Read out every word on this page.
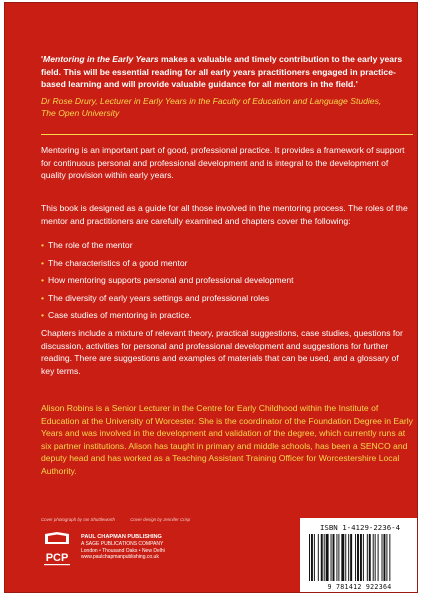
'Mentoring in the Early Years makes a valuable and timely contribution to the early years field. This will be essential reading for all early years practitioners engaged in practice-based learning and will provide valuable guidance for all mentors in the field.'

Dr Rose Drury, Lecturer in Early Years in the Faculty of Education and Language Studies,
The Open University

Mentoring is an important part of good, professional practice. It provides a framework of support for continuous personal and professional development and is integral to the development of quality provision within early years.

This book is designed as a guide for all those involved in the mentoring process. The roles of the mentor and practitioners are carefully examined and chapters cover the following:

• The role of the mentor
• The characteristics of a good mentor
• How mentoring supports personal and professional development
• The diversity of early years settings and professional roles
• Case studies of mentoring in practice.

Chapters include a mixture of relevant theory, practical suggestions, case studies, questions for discussion, activities for personal and professional development and suggestions for further reading. There are suggestions and examples of materials that can be used, and a glossary of key terms.

Alison Robins is a Senior Lecturer in the Centre for Early Childhood within the Institute of Education at the University of Worcester. She is the coordinator of the Foundation Degree in Early Years and was involved in the development and validation of the degree, which currently runs at six partner institutions. Alison has taught in primary and middle schools, has been a SENCO and deputy head and has worked as a Teaching Assistant Training Officer for Worcestershire Local Authority.

Cover photograph by Ian Shuttleworth	Cover design by Jennifer Crisp
PCP
PAUL CHAPMAN PUBLISHING
A SAGE PUBLICATIONS COMPANY
London • Thousand Oaks • New Delhi
www.paulchapmanpublishing.co.uk
ISBN 1-4129-2236-4
9 781412 922364
